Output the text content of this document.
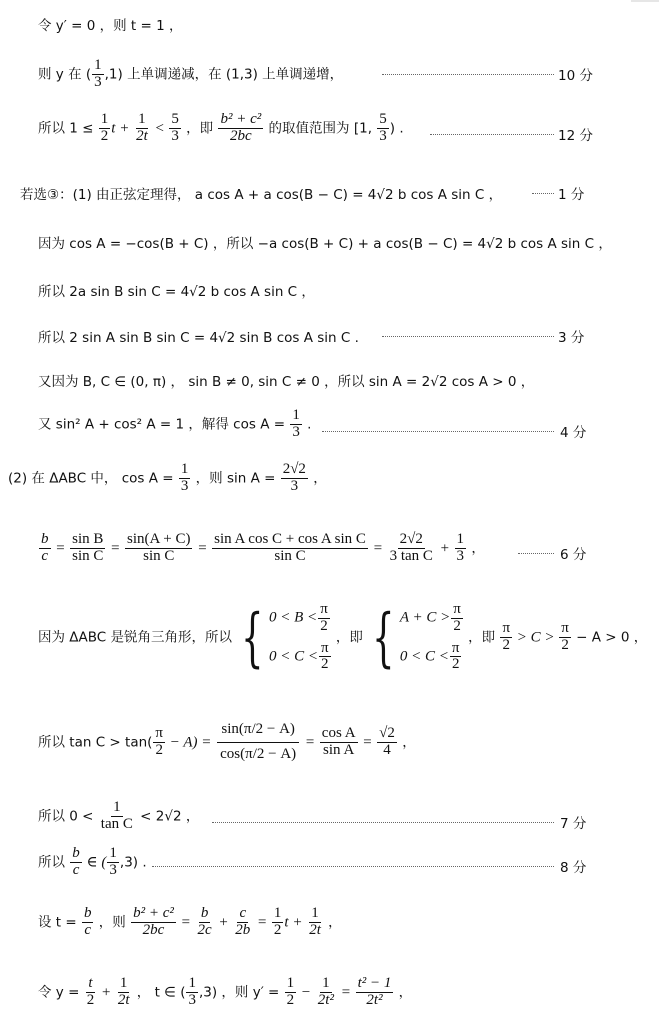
令 y′ = 0 ，则 t = 1 ，
则 y 在 ( $\frac{1}{3} ,1$) 上单调递减，在 (1,3) 上单调递增，	10 分
所以 $1 \le \frac{1}{2}$ $t + \frac{1}{2t} < \frac{5}{3}$ ，即 $\frac{\text{b² + c²}}{2bc}$ 的取值范围为 [1, $\frac{5}{3}$ ) .	12 分
若选③：(1) 由正弦定理得， a cos A + a cos(B − C) = 4√2 b cos A sin C ，	1 分
因为 cos A = −cos(B + C) ，所以 −a cos(B + C) + a cos(B − C) = 4√2 b cos A sin C ，
所以 2a sin B sin C = 4√2 b cos A sin C ，
所以 2 sin A sin B sin C = 4√2 sin B cos A sin C .	3 分
又因为 B, C ∈ (0, π) ， sin B ≠ 0, sin C ≠ 0 ，所以 sin A = 2√2 cos A > 0 ，
又 sin² A + cos² A = 1 ，解得 $\cos A = \frac{1}{3}$ .
4 分
(2) 在 ΔABC 中， $\cos A = \frac{1}{3}$ ，则 $\sin A = \frac{2√2}{3}$ ，
$\frac{b}{c} = \frac{\text{sin B}}{\text{sin C}} = \frac{\sin(A + C)}{\text{sin C}} = \frac{\text{sin A cos C + cos A sin C}}{\text{sin C}} = \frac{2√2}{\text{3 tan C}} + \frac{1}{3}$ ，	6 分
因为 ΔABC 是锐角三角形，所以 { $0 < B < \frac{\pi}{2}$
$0 < C < \frac{\pi}{2}$
，即 { $A + C > \frac{\pi}{2}$
$0 < C < \frac{\pi}{2}$
，即 $\frac{\pi}{2} > C > \frac{\pi}{2} - A > 0$ ，
所以 $\tan C > \tan( \frac{\pi}{2} - A) = \frac{\sin(\pi/2 - A)}{\cos(\pi/2 - A)} = \frac{\text{cos A}}{\text{sin A}} = \frac{√2}{4}$ ，
所以 $0 < \frac{1}{\text{tan C}} < 2√2$ ，	7 分
所以 $\frac{b}{c}$ ∈ ( $\frac{1}{3} ,3$) .	8 分
设 $t = \frac{b}{c}$ ，则 $\frac{\text{b² + c²}}{2bc} = \frac{b}{2c} + \frac{c}{2b} = \frac{1}{2}$ $t + \frac{1}{2t}$ ，
令 $y = \frac{t}{2} + \frac{1}{2t}$ ， t ∈ ( $\frac{1}{3} ,3$) ，则 $y' = \frac{1}{2} - \frac{1}{\text{2t²}} = \frac{\text{t² − 1}}{\text{2t²}}$ ，
